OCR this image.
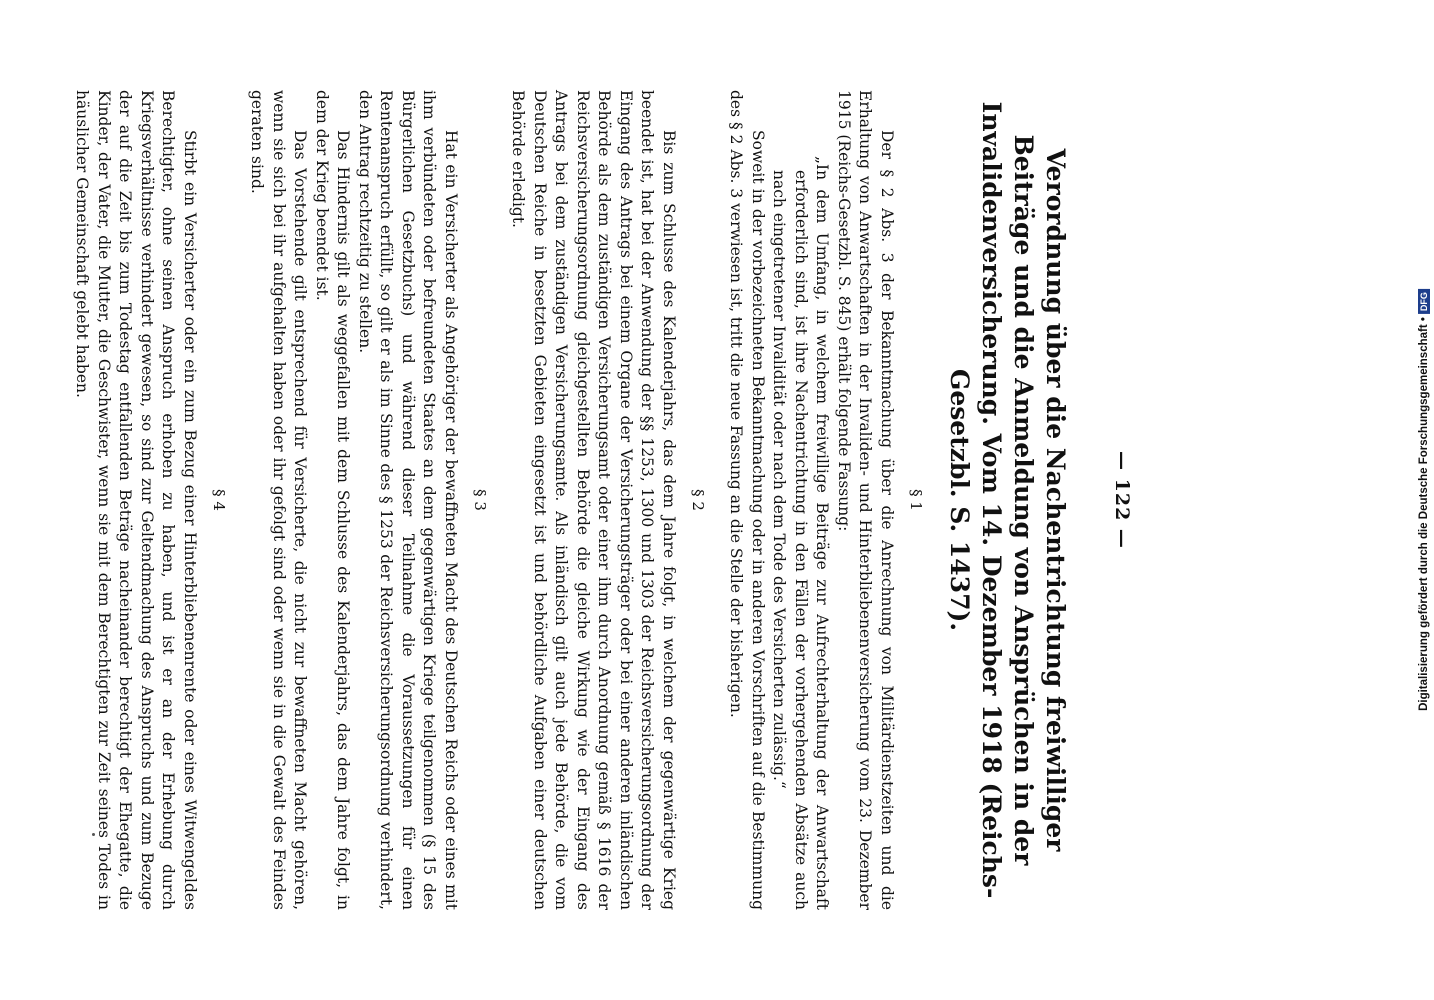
— 122 —
Verordnung über die Nachentrichtung freiwilliger Beiträge und die Anmeldung von Ansprüchen in der Invalidenversicherung. Vom 14. Dezember 1918 (Reichs-Gesetzbl. S. 1437).
§ 1

Der § 2 Abs. 3 der Bekanntmachung über die Anrechnung von Militärdienstzeiten und die Erhaltung von Anwartschaften in der Invaliden- und Hinterbliebenenversicherung vom 23. Dezember 1915 (Reichs-Gesetzbl. S. 845) erhält folgende Fassung:

„In dem Umfang, in welchem freiwillige Beiträge zur Aufrechterhaltung der Anwartschaft erforderlich sind, ist ihre Nachentrichtung in den Fällen der vorhergehenden Absätze auch nach eingetretener Invalidität oder nach dem Tode des Versicherten zulässig.“

Soweit in der vorbezeichneten Bekanntmachung oder in anderen Vorschriften auf die Bestimmung des § 2 Abs. 3 verwiesen ist, tritt die neue Fassung an die Stelle der bisherigen.

§ 2

Bis zum Schlusse des Kalenderjahrs, das dem Jahre folgt, in welchem der gegenwärtige Krieg beendet ist, hat bei der Anwendung der §§ 1253, 1300 und 1303 der Reichsversicherungsordnung der Eingang des Antrags bei einem Organe der Versicherungsträger oder bei einer anderen inländischen Behörde als dem zuständigen Versicherungsamt oder einer ihm durch Anordnung gemäß § 1616 der Reichsversicherungsordnung gleichgestellten Behörde die gleiche Wirkung wie der Eingang des Antrags bei dem zuständigen Versicherungsamte. Als inländisch gilt auch jede Behörde, die vom Deutschen Reiche in besetzten Gebieten eingesetzt ist und behördliche Aufgaben einer deutschen Behörde erledigt.

§ 3

Hat ein Versicherter als Angehöriger der bewaffneten Macht des Deutschen Reichs oder eines mit ihm verbündeten oder befreundeten Staates an dem gegenwärtigen Kriege teilgenommen (§ 15 des Bürgerlichen Gesetzbuchs) und während dieser Teilnahme die Voraussetzungen für einen Rentenanspruch erfüllt, so gilt er als im Sinne des § 1253 der Reichsversicherungsordnung verhindert, den Antrag rechtzeitig zu stellen.

Das Hindernis gilt als weggefallen mit dem Schlusse des Kalenderjahrs, das dem Jahre folgt, in dem der Krieg beendet ist.

Das Vorstehende gilt entsprechend für Versicherte, die nicht zur bewaffneten Macht gehören, wenn sie sich bei ihr aufgehalten haben oder ihr gefolgt sind oder wenn sie in die Gewalt des Feindes geraten sind.

§ 4

Stirbt ein Versicherter oder ein zum Bezug einer Hinterbliebenenrente oder eines Witwengeldes Berechtigter, ohne seinen Anspruch erhoben zu haben, und ist er an der Erhebung durch Kriegsverhältnisse verhindert gewesen, so sind zur Geltendmachung des Anspruchs und zum Bezuge der auf die Zeit bis zum Todestag entfallenden Beträge nacheinander berechtigt der Ehegatte, die Kinder, der Vater, die Mutter, die Geschwister, wenn sie mit dem Berechtigten zur Zeit seines Todes in häuslicher Gemeinschaft gelebt haben.

Digitalisierung gefördert durch die Deutsche Forschungsgemeinschaft •
DFG
